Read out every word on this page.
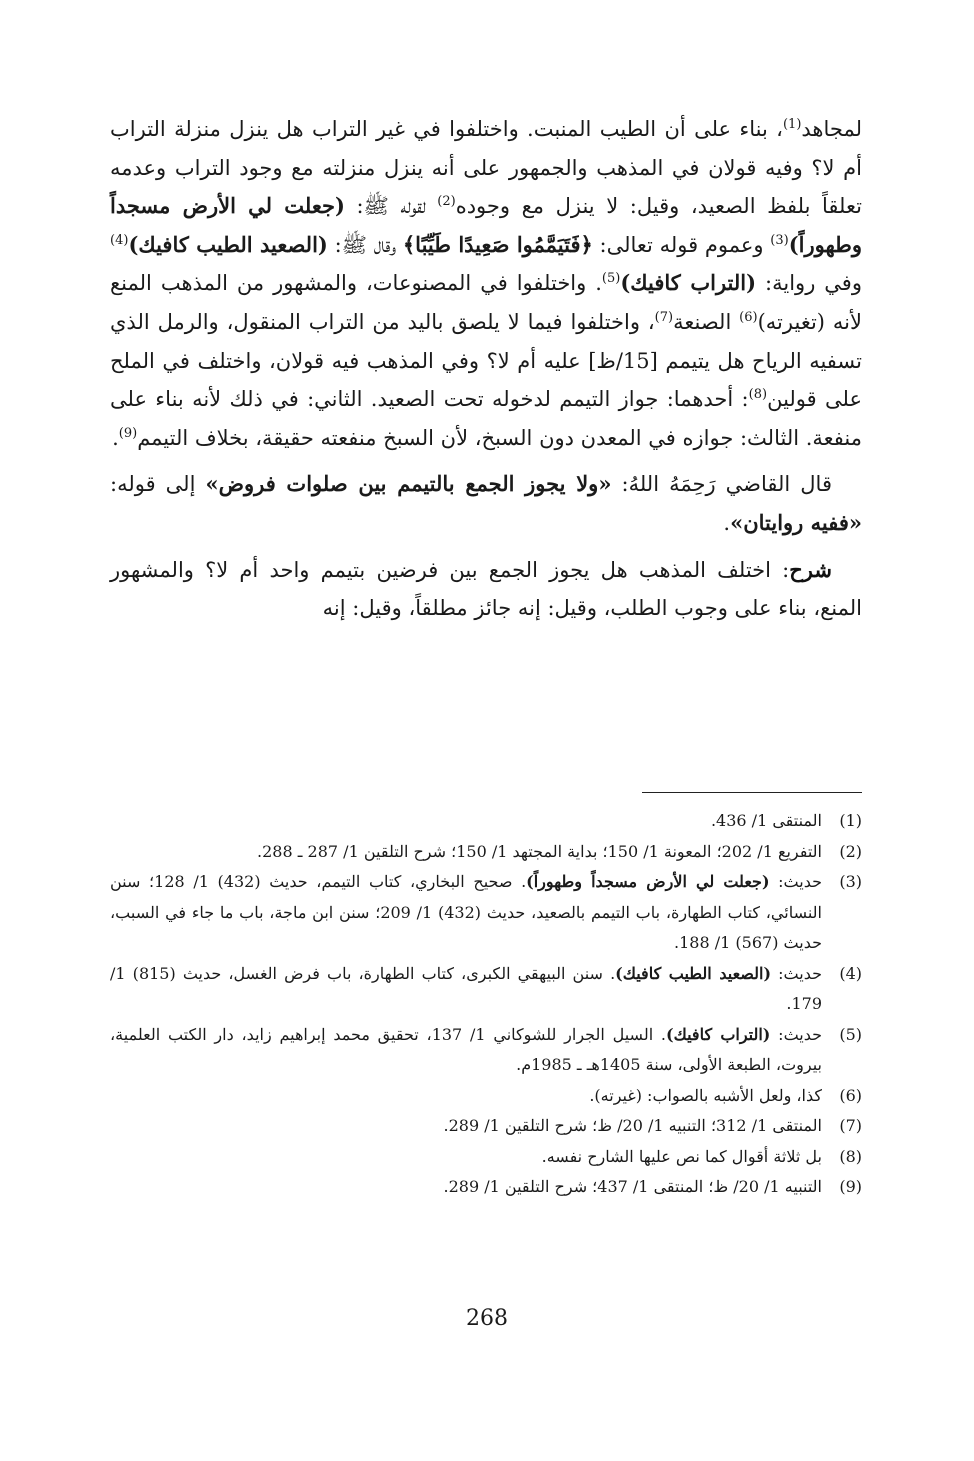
لمجاهد$^{(1)}$، بناء على أن الطيب المنبت. واختلفوا في غير التراب هل ينزل منزلة التراب أم لا؟ وفيه قولان في المذهب والجمهور على أنه ينزل منزلته مع وجود التراب وعدمه تعلقاً بلفظ الصعيد، وقيل: لا ينزل مع وجوده$^{(2)}$ لقوله ﷺ: (جعلت لي الأرض مسجداً وطهوراً)$^{(3)}$ وعموم قوله تعالى: ﴿فَتَيَمَّمُوا صَعِيدًا طَيِّبًا﴾ وقال ﷺ: (الصعيد الطيب كافيك)$^{(4)}$ وفي رواية: (التراب كافيك)$^{(5)}$. واختلفوا في المصنوعات، والمشهور من المذهب المنع لأنه (تغيرته)$^{(6)}$ الصنعة$^{(7)}$، واختلفوا فيما لا يلصق باليد من التراب المنقول، والرمل الذي تسفيه الرياح هل يتيمم [15/ظ] عليه أم لا؟ وفي المذهب فيه قولان، واختلف في الملح على قولين$^{(8)}$: أحدهما: جواز التيمم لدخوله تحت الصعيد. الثاني: في ذلك لأنه بناء على منفعة. الثالث: جوازه في المعدن دون السبخ، لأن السبخ منفعته حقيقة، بخلاف التيمم$^{(9)}$.

قال القاضي رَحِمَهُ اللهُ: «ولا يجوز الجمع بالتيمم بين صلوات فروض» إلى قوله: «ففيه روايتان».

شرح: اختلف المذهب هل يجوز الجمع بين فرضين بتيمم واحد أم لا؟ والمشهور المنع، بناء على وجوب الطلب، وقيل: إنه جائز مطلقاً، وقيل: إنه

(1)
المنتقى 1/ 436.
(2)
التفريع 1/ 202؛ المعونة 1/ 150؛ بداية المجتهد 1/ 150؛ شرح التلقين 1/ 287 ـ 288.
(3)
حديث: (جعلت لي الأرض مسجداً وطهوراً). صحيح البخاري، كتاب التيمم، حديث (432) 1/ 128؛ سنن النسائي، كتاب الطهارة، باب التيمم بالصعيد، حديث (432) 1/ 209؛ سنن ابن ماجة، باب ما جاء في السبب، حديث (567) 1/ 188.
(4)
حديث: (الصعيد الطيب كافيك). سنن البيهقي الكبرى، كتاب الطهارة، باب فرض الغسل، حديث (815) 1/ 179.
(5)
حديث: (التراب كافيك). السيل الجرار للشوكاني 1/ 137، تحقيق محمد إبراهيم زايد، دار الكتب العلمية، بيروت، الطبعة الأولى، سنة 1405هـ ـ 1985م.
(6)
كذا، ولعل الأشبه بالصواب: (غيرته).
(7)
المنتقى 1/ 312؛ التنبيه 1/ 20/ ظ؛ شرح التلقين 1/ 289.
(8)
بل ثلاثة أقوال كما نص عليها الشارح نفسه.
(9)
التنبيه 1/ 20/ ظ؛ المنتقى 1/ 437؛ شرح التلقين 1/ 289.
268
